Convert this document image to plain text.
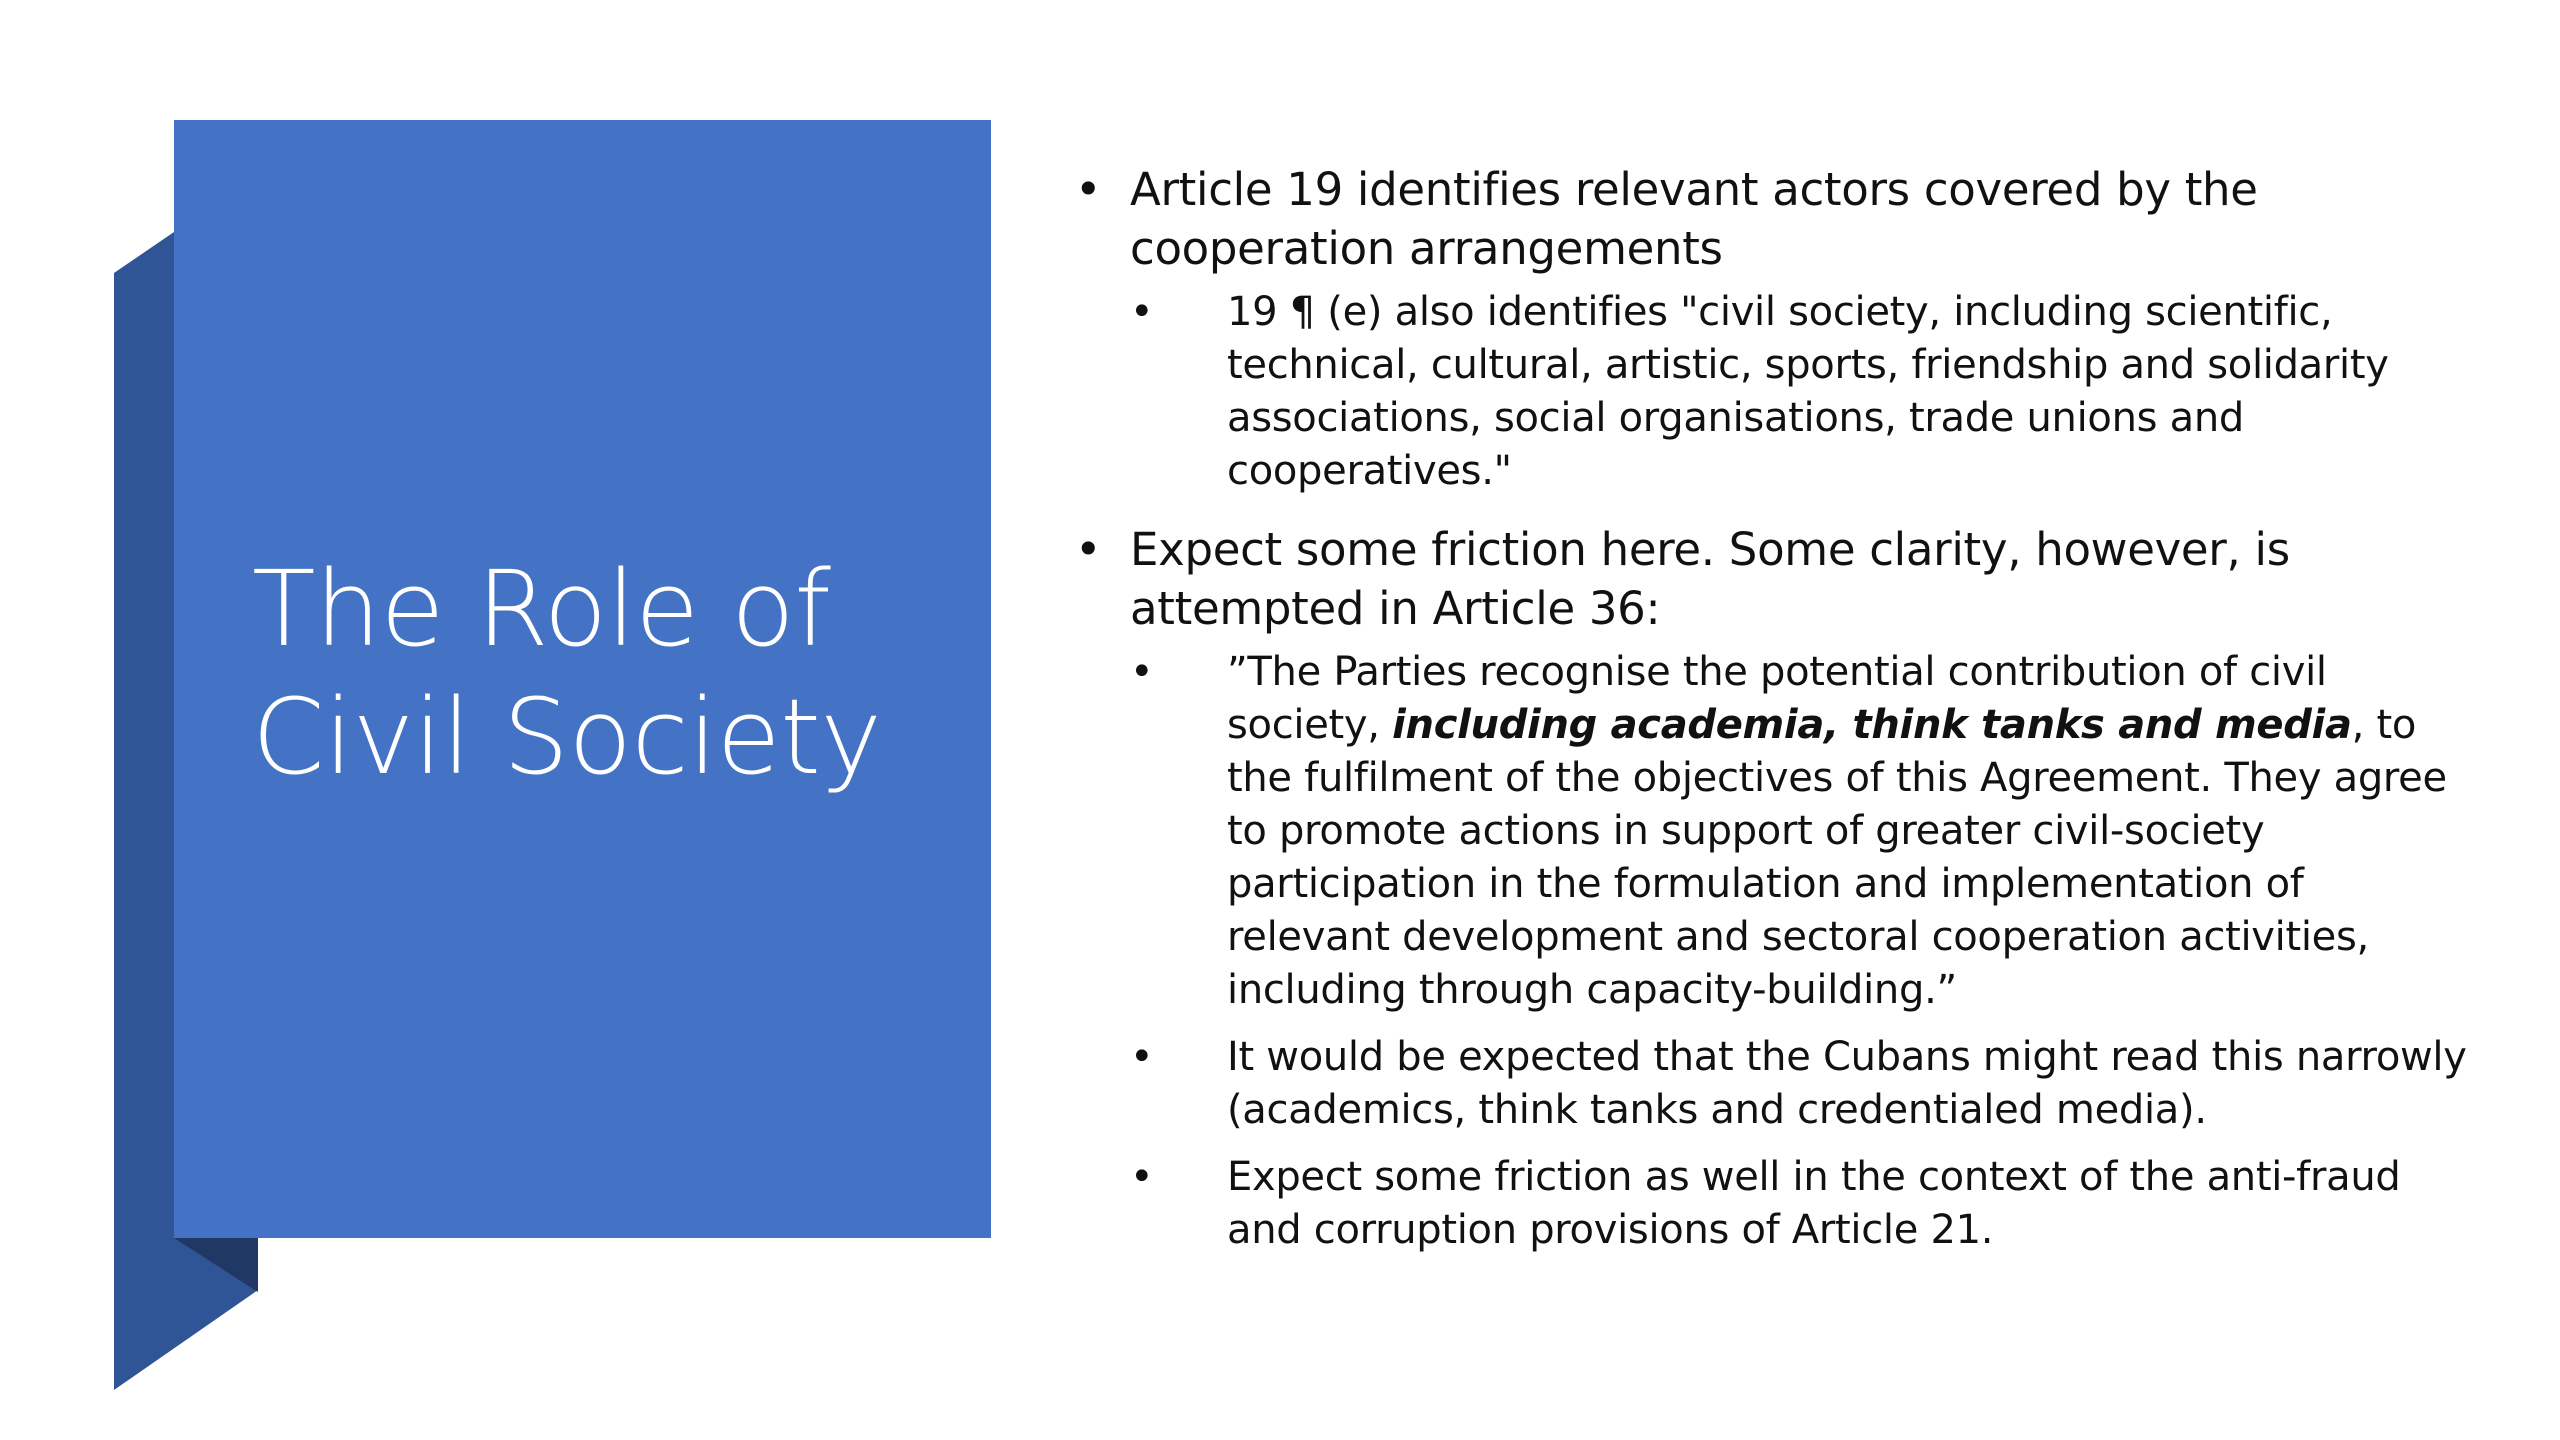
The Role of
Civil Society
• Article 19 identifies relevant actors covered by the cooperation arrangements
•	19 ¶ (e) also identifies "civil society, including scientific, technical, cultural, artistic, sports, friendship and solidarity associations, social organisations, trade unions and cooperatives."
• Expect some friction here. Some clarity, however, is attempted in Article 36:
•	”The Parties recognise the potential contribution of civil society, including academia, think tanks and media, to the fulfilment of the objectives of this Agreement. They agree to promote actions in support of greater civil-society participation in the formulation and implementation of relevant development and sectoral cooperation activities, including through capacity-building.”
•	It would be expected that the Cubans might read this narrowly (academics, think tanks and credentialed media).
•	Expect some friction as well in the context of the anti-fraud and corruption provisions of Article 21.
